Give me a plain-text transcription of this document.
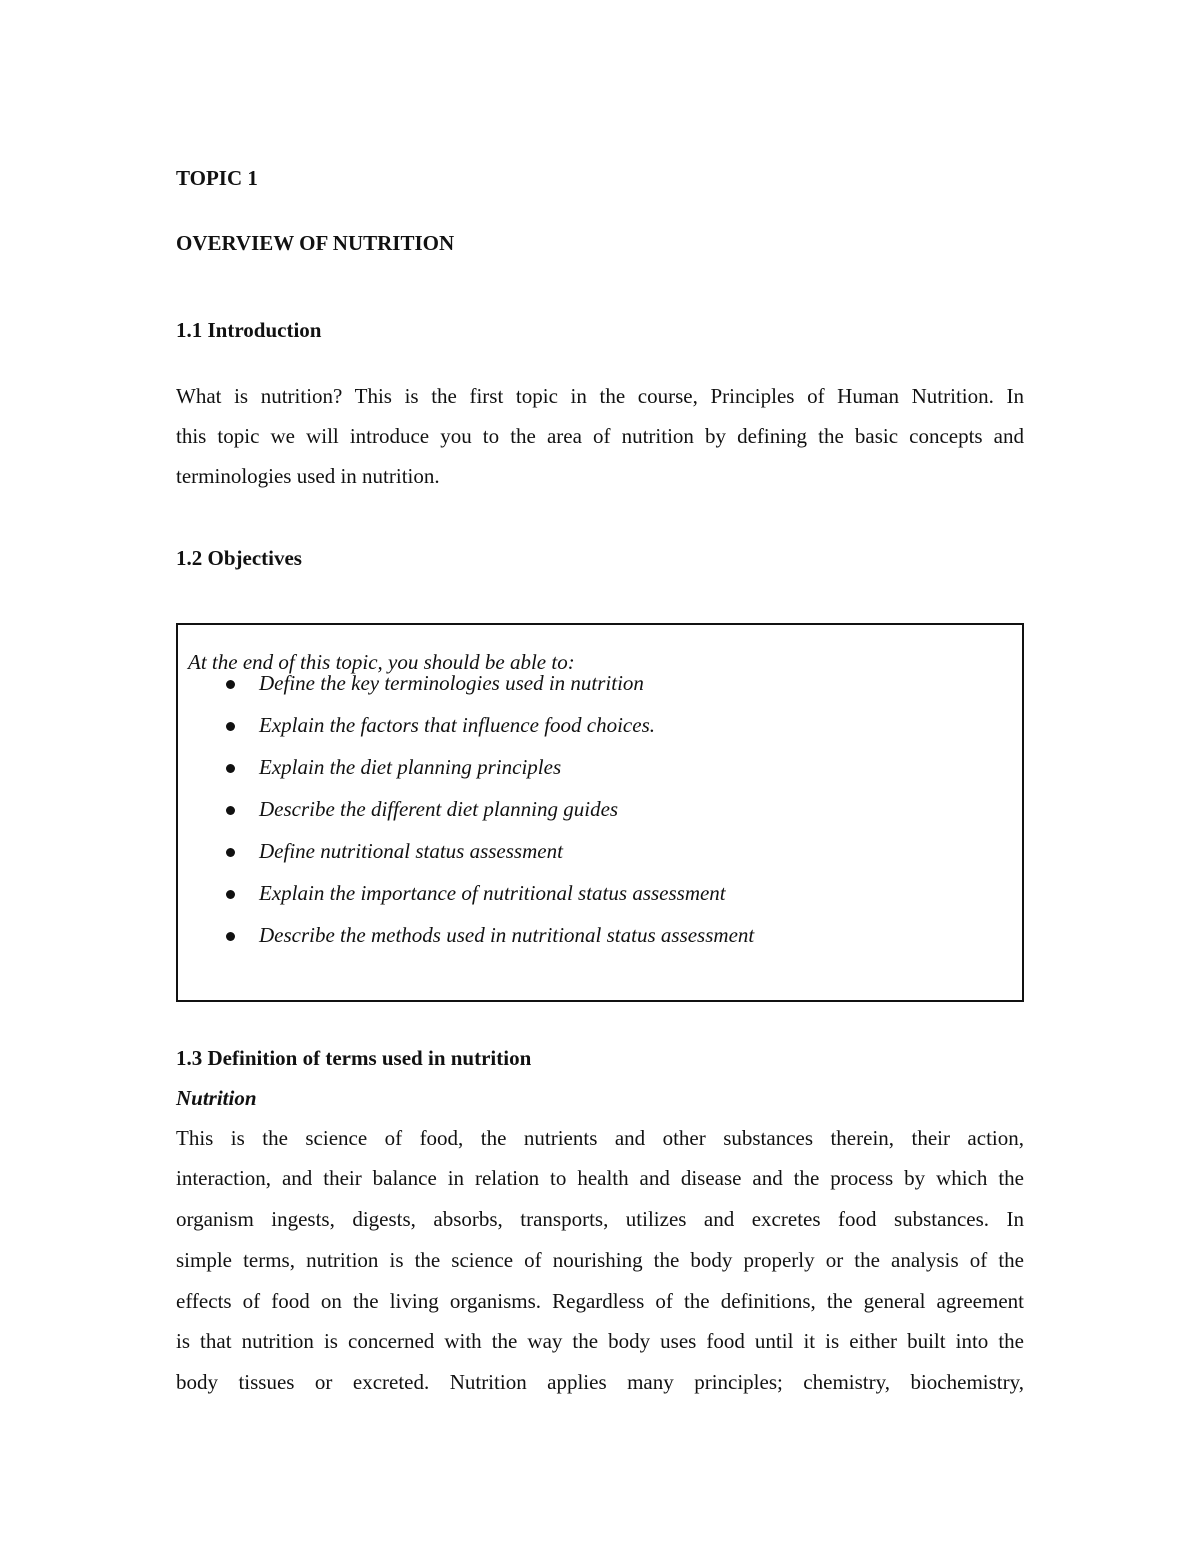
TOPIC 1

OVERVIEW OF NUTRITION

1.1 Introduction

What is nutrition? This is the first topic in the course, Principles of Human Nutrition. In

this topic we will introduce you to the area of nutrition by defining the basic concepts and

terminologies used in nutrition.

1.2 Objectives

At the end of this topic, you should be able to:

Define the key terminologies used in nutrition
Explain the factors that influence food choices.
Explain the diet planning principles
Describe the different diet planning guides
Define nutritional status assessment
Explain the importance of nutritional status assessment
Describe the methods used in nutritional status assessment

1.3 Definition of terms used in nutrition

Nutrition

This is the science of food, the nutrients and other substances therein, their action,

interaction, and their balance in relation to health and disease and the process by which the

organism ingests, digests, absorbs, transports, utilizes and excretes food substances. In

simple terms, nutrition is the science of nourishing the body properly or the analysis of the

effects of food on the living organisms. Regardless of the definitions, the general agreement

is that nutrition is concerned with the way the body uses food until it is either built into the

body tissues or excreted. Nutrition applies many principles; chemistry, biochemistry,
